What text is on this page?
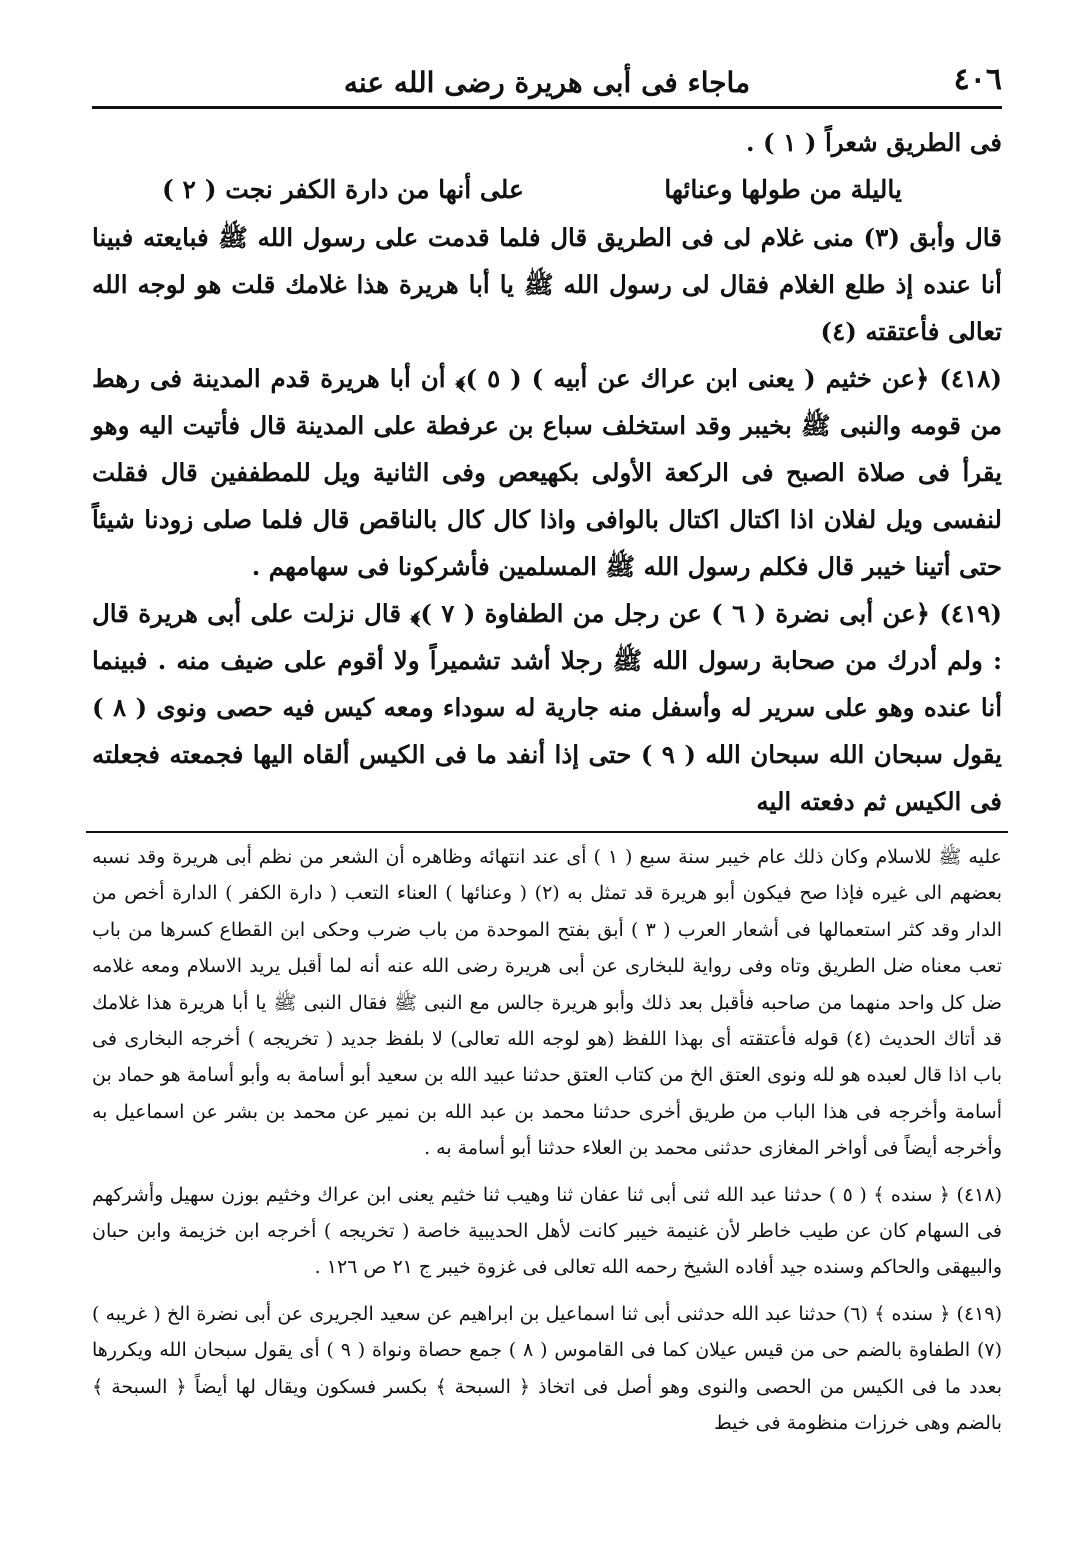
٤٠٦
ماجاء فى أبى هريرة رضى الله عنه

فى الطريق شعراً ( ١ ) .

ياليلة من طولها وعنائها
على أنها من دارة الكفر نجت ( ٢ )

قال وأبق (٣) منى غلام لى فى الطريق قال فلما قدمت على رسول الله ﷺ فبايعته فبينا أنا عنده إذ طلع الغلام فقال لى رسول الله ﷺ يا أبا هريرة هذا غلامك قلت هو لوجه الله تعالى فأعتقته (٤)

(٤١٨) ﴿عن خثيم ( يعنى ابن عراك عن أبيه ) ( ٥ )﴾ أن أبا هريرة قدم المدينة فى رهط من قومه والنبى ﷺ بخيبر وقد استخلف سباع بن عرفطة على المدينة قال فأتيت اليه وهو يقرأ فى صلاة الصبح فى الركعة الأولى بكهيعص وفى الثانية ويل للمطففين قال فقلت لنفسى ويل لفلان اذا اكتال اكتال بالوافى واذا كال كال بالناقص قال فلما صلى زودنا شيئاً حتى أتينا خيبر قال فكلم رسول الله ﷺ المسلمين فأشركونا فى سهامهم .

(٤١٩) ﴿عن أبى نضرة ( ٦ ) عن رجل من الطفاوة ( ٧ )﴾ قال نزلت على أبى هريرة قال : ولم أدرك من صحابة رسول الله ﷺ رجلا أشد تشميراً ولا أقوم على ضيف منه . فبينما أنا عنده وهو على سرير له وأسفل منه جارية له سوداء ومعه كيس فيه حصى ونوى ( ٨ ) يقول سبحان الله سبحان الله ( ٩ ) حتى إذا أنفد ما فى الكيس ألقاه اليها فجمعته فجعلته فى الكيس ثم دفعته اليه

عليه ﷺ للاسلام وكان ذلك عام خيبر سنة سبع ( ١ ) أى عند انتهائه وظاهره أن الشعر من نظم أبى هريرة وقد نسبه بعضهم الى غيره فإذا صح فيكون أبو هريرة قد تمثل به (٢) ( وعنائها ) العناء التعب ( دارة الكفر ) الدارة أخص من الدار وقد كثر استعمالها فى أشعار العرب ( ٣ ) أبق بفتح الموحدة من باب ضرب وحكى ابن القطاع كسرها من باب تعب معناه ضل الطريق وتاه وفى رواية للبخارى عن أبى هريرة رضى الله عنه أنه لما أقبل يريد الاسلام ومعه غلامه ضل كل واحد منهما من صاحبه فأقبل بعد ذلك وأبو هريرة جالس مع النبى ﷺ فقال النبى ﷺ يا أبا هريرة هذا غلامك قد أتاك الحديث (٤) قوله فأعتقته أى بهذا اللفظ (هو لوجه الله تعالى) لا بلفظ جديد ( تخريجه ) أخرجه البخارى فى باب اذا قال لعبده هو لله ونوى العتق الخ من كتاب العتق حدثنا عبيد الله بن سعيد أبو أسامة به وأبو أسامة هو حماد بن أسامة وأخرجه فى هذا الباب من طريق أخرى حدثنا محمد بن عبد الله بن نمير عن محمد بن بشر عن اسماعيل به وأخرجه أيضاً فى أواخر المغازى حدثنى محمد بن العلاء حدثنا أبو أسامة به .

(٤١٨) ﴿ سنده ﴾ ( ٥ ) حدثنا عبد الله ثنى أبى ثنا عفان ثنا وهيب ثنا خثيم يعنى ابن عراك وخثيم بوزن سهيل وأشركهم فى السهام كان عن طيب خاطر لأن غنيمة خيبر كانت لأهل الحديبية خاصة ( تخريجه ) أخرجه ابن خزيمة وابن حبان والبيهقى والحاكم وسنده جيد أفاده الشيخ رحمه الله تعالى فى غزوة خيبر ج ٢١ ص ١٢٦ .

(٤١٩) ﴿ سنده ﴾ (٦) حدثنا عبد الله حدثنى أبى ثنا اسماعيل بن ابراهيم عن سعيد الجريرى عن أبى نضرة الخ ( غريبه ) (٧) الطفاوة بالضم حى من قيس عيلان كما فى القاموس ( ٨ ) جمع حصاة ونواة ( ٩ ) أى يقول سبحان الله ويكررها بعدد ما فى الكيس من الحصى والنوى وهو أصل فى اتخاذ ﴿ السبحة ﴾ بكسر فسكون ويقال لها أيضاً ﴿ السبحة ﴾ بالضم وهى خرزات منظومة فى خيط
